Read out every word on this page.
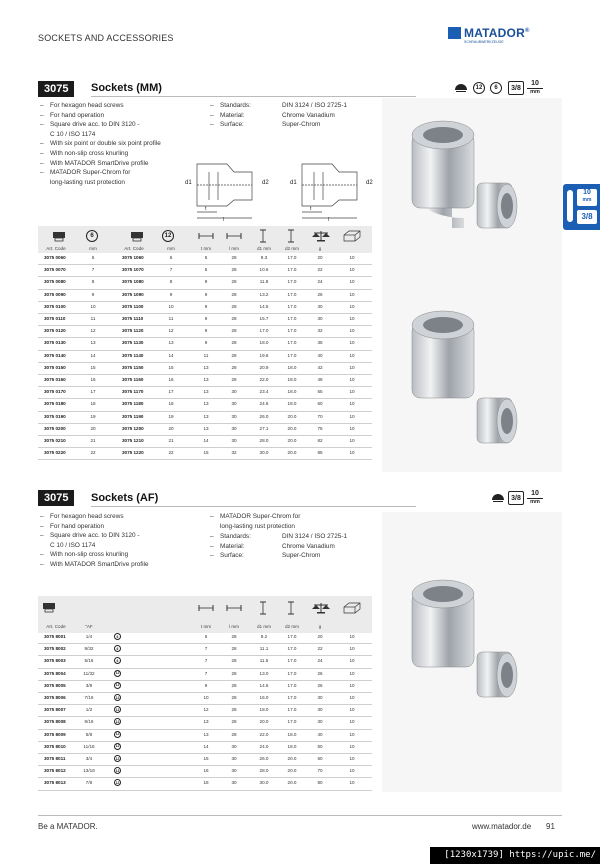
SOCKETS AND ACCESSORIES	MATADOR®
SCHRAUBWERKZEUGE
10
mm
3/8
3075	Sockets (MM)	12	6	3/8
10
mm
– For hexagon head screws
– For hand operation
– Square drive acc. to DIN 3120 -
C 10 / ISO 1174
– With six point or double six point profile
– With non-slip cross knurling
– With MATADOR SmartDrive profile
– MATADOR Super-Chrom for
long-lasting rust protection
– Standards:	DIN 3124 / ISO 2725-1
– Material:	Chrome Vanadium
– Surface:	Super-Chrom
d1	d2
t
l
d1	d2
t
l
6	12
Art. Code	mm	Art. Code	mm	t mm	l mm	d1 mm	d2 mm	g
3075 0060	6	3075 1060	6	5	28	9.3	17.0	20	10
3075 0070	7	3075 1070	7	5	28	10.6	17.0	22	10
3075 0080	8	3075 1080	8	9	28	11.8	17.0	24	10
3075 0090	9	3075 1090	9	9	28	13.2	17.0	26	10
3075 0100	10	3075 1100	10	9	28	14.5	17.0	30	10
3075 0110	11	3075 1110	11	9	28	15.7	17.0	30	10
3075 0120	12	3075 1120	12	9	28	17.0	17.0	32	10
3075 0130	13	3075 1130	13	9	28	18.0	17.0	35	10
3075 0140	14	3075 1140	14	11	28	19.6	17.0	40	10
3075 0150	15	3075 1150	15	13	28	20.9	18.0	42	10
3075 0160	16	3075 1160	16	13	28	22.0	18.0	48	10
3075 0170	17	3075 1170	17	13	30	23.4	18.0	55	10
3075 0180	18	3075 1180	18	13	30	24.6	18.0	60	10
3075 0190	19	3075 1190	19	13	30	26.0	20.0	70	10
3075 0200	20	3075 1200	20	13	30	27.1	20.0	75	10
3075 0210	21	3075 1210	21	14	30	28.0	20.0	82	10
3075 0220	22	3075 1220	22	15	32	30.0	20.0	85	10
3075	Sockets (AF)	3/8
10
mm
– For hexagon head screws
– For hand operation
– Square drive acc. to DIN 3120 -
C 10 / ISO 1174
– With non-slip cross knurling
– With MATADOR SmartDrive profile
– MATADOR Super-Chrom for
long-lasting rust protection
– Standards:	DIN 3124 / ISO 2725-1
– Material:	Chrome Vanadium
– Surface:	Super-Chrom
Art. Code	"AF	t mm	l mm	d1 mm	d2 mm	g
3075 8001	1/4	6	6	28	9.2	17.0	20	10
3075 8002	9/32	6	7	28	11.1	17.0	22	10
3075 8003	5/16	6	7	28	11.5	17.0	24	10
3075 8004	11/32	12	7	28	13.0	17.0	26	10
3075 8005	3/8	12	9	28	14.6	17.0	26	10
3075 8006	7/16	12	10	28	16.0	17.0	30	10
3075 8007	1/2	12	12	28	18.0	17.0	30	10
3075 8008	9/16	12	13	28	20.0	17.0	30	10
3075 8009	5/8	12	13	28	22.0	18.0	40	10
3075 8010	11/16	12	14	30	24.0	18.0	50	10
3075 8011	3/4	12	15	30	26.0	20.0	60	10
3075 8012	13/16	12	16	30	28.0	20.0	70	10
3075 8013	7/8	12	18	30	30.0	20.0	80	10
Be a MATADOR.	www.matador.de 91
[1230x1739] https://upic.me/
